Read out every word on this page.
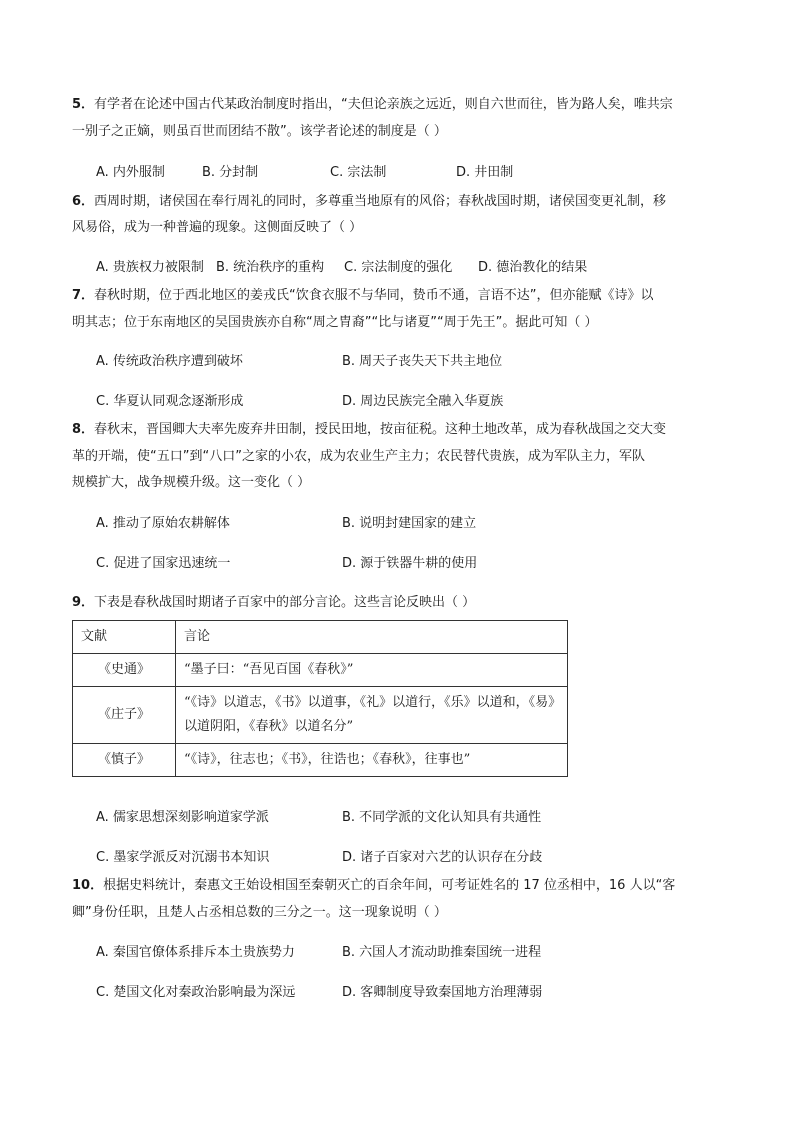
5．有学者在论述中国古代某政治制度时指出，“夫但论亲族之远近，则自六世而往，皆为路人矣，唯共宗
一别子之正嫡，则虽百世而团结不散”。该学者论述的制度是（ ）
A. 内外服制	B. 分封制	C. 宗法制	D. 井田制
6．西周时期，诸侯国在奉行周礼的同时，多尊重当地原有的风俗；春秋战国时期，诸侯国变更礼制，移
风易俗，成为一种普遍的现象。这侧面反映了（ ）
A. 贵族权力被限制 B. 统治秩序的重构 C. 宗法制度的强化 D. 德治教化的结果
7．春秋时期，位于西北地区的姜戎氏“饮食衣服不与华同，贽币不通，言语不达”，但亦能赋《诗》以
明其志；位于东南地区的吴国贵族亦自称“周之胄裔”“比与诸夏”“周于先王”。据此可知（ ）
A. 传统政治秩序遭到破坏	B. 周天子丧失天下共主地位
C. 华夏认同观念逐渐形成	D. 周边民族完全融入华夏族
8．春秋末，晋国卿大夫率先废弃井田制，授民田地，按亩征税。这种土地改革，成为春秋战国之交大变
革的开端，使“五口”到“八口”之家的小农，成为农业生产主力；农民替代贵族，成为军队主力，军队
规模扩大，战争规模升级。这一变化（ ）
A. 推动了原始农耕解体	B. 说明封建国家的建立
C. 促进了国家迅速统一	D. 源于铁器牛耕的使用
9．下表是春秋战国时期诸子百家中的部分言论。这些言论反映出（ ）
文献	言论
《史通》	“墨子曰：“吾见百国《春秋》”
《庄子》	“《诗》以道志，《书》以道事，《礼》以道行，《乐》以道和，《易》以道阴阳，《春秋》以道名分”
《慎子》	“《诗》，往志也；《书》，往诰也；《春秋》，往事也”
A. 儒家思想深刻影响道家学派	B. 不同学派的文化认知具有共通性
C. 墨家学派反对沉溺书本知识	D. 诸子百家对六艺的认识存在分歧
10．根据史料统计，秦惠文王始设相国至秦朝灭亡的百余年间，可考证姓名的 17 位丞相中，16 人以“客
卿”身份任职，且楚人占丞相总数的三分之一。这一现象说明（ ）
A. 秦国官僚体系排斥本土贵族势力	B. 六国人才流动助推秦国统一进程
C. 楚国文化对秦政治影响最为深远	D. 客卿制度导致秦国地方治理薄弱
